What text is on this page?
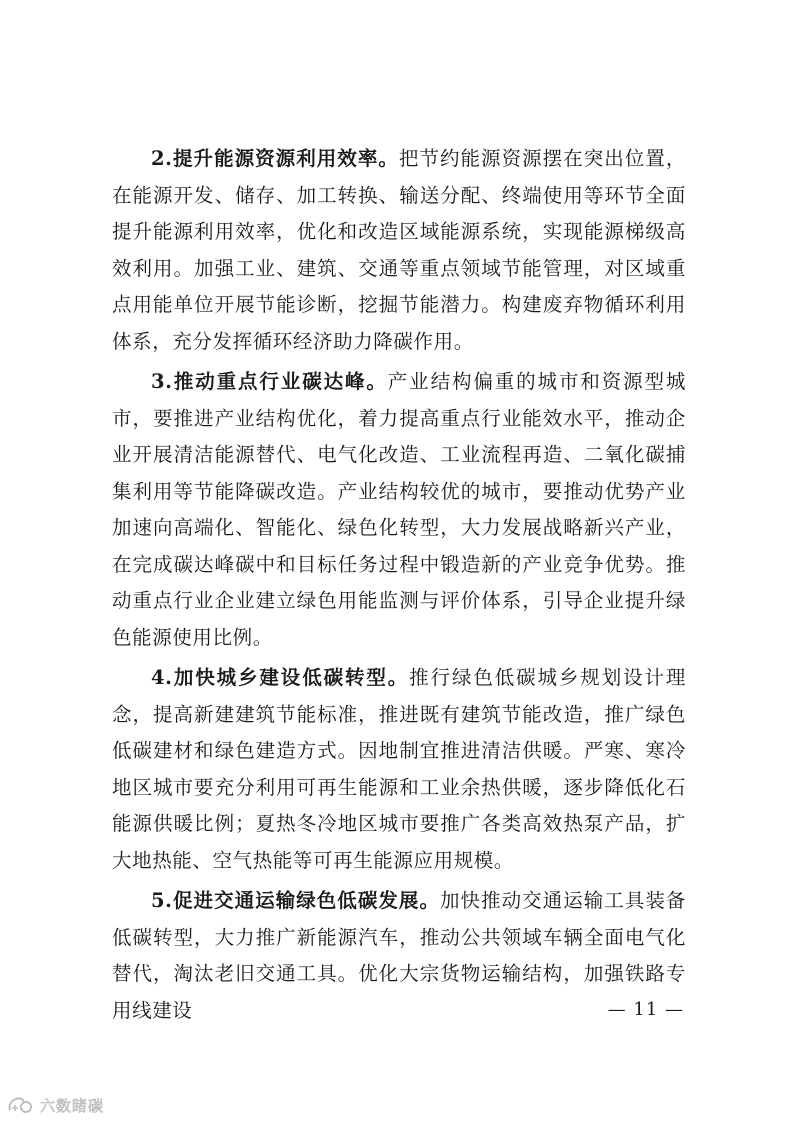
2.提升能源资源利用效率。把节约能源资源摆在突出位置，在能源开发、储存、加工转换、输送分配、终端使用等环节全面提升能源利用效率，优化和改造区域能源系统，实现能源梯级高效利用。加强工业、建筑、交通等重点领域节能管理，对区域重点用能单位开展节能诊断，挖掘节能潜力。构建废弃物循环利用体系，充分发挥循环经济助力降碳作用。

3.推动重点行业碳达峰。产业结构偏重的城市和资源型城市，要推进产业结构优化，着力提高重点行业能效水平，推动企业开展清洁能源替代、电气化改造、工业流程再造、二氧化碳捕集利用等节能降碳改造。产业结构较优的城市，要推动优势产业加速向高端化、智能化、绿色化转型，大力发展战略新兴产业，在完成碳达峰碳中和目标任务过程中锻造新的产业竞争优势。推动重点行业企业建立绿色用能监测与评价体系，引导企业提升绿色能源使用比例。

4.加快城乡建设低碳转型。推行绿色低碳城乡规划设计理念，提高新建建筑节能标准，推进既有建筑节能改造，推广绿色低碳建材和绿色建造方式。因地制宜推进清洁供暖。严寒、寒冷地区城市要充分利用可再生能源和工业余热供暖，逐步降低化石能源供暖比例；夏热冬冷地区城市要推广各类高效热泵产品，扩大地热能、空气热能等可再生能源应用规模。

5.促进交通运输绿色低碳发展。加快推动交通运输工具装备低碳转型，大力推广新能源汽车，推动公共领域车辆全面电气化替代，淘汰老旧交通工具。优化大宗货物运输结构，加强铁路专用线建设	— 11 —
六数睹碳
